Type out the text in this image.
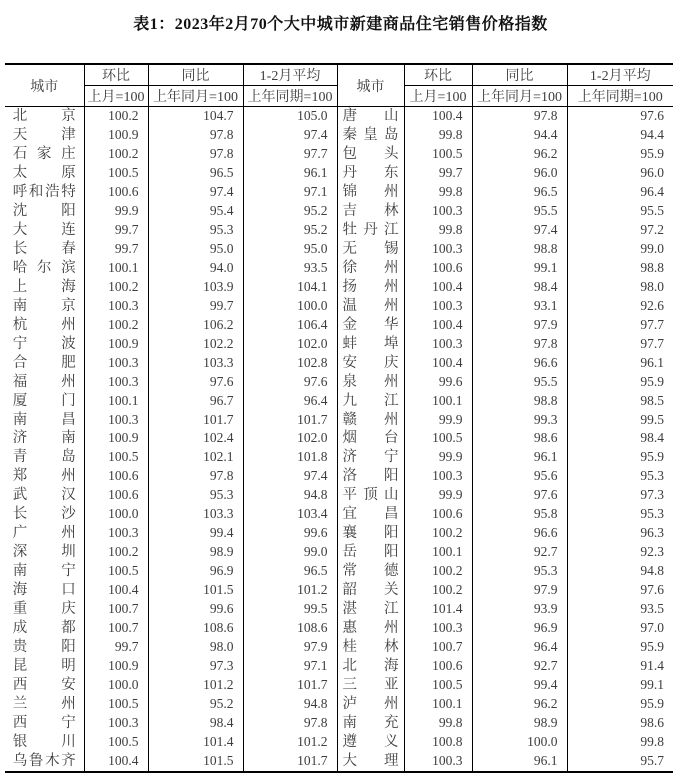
表1：2023年2月70个大中城市新建商品住宅销售价格指数
城市	环比	同比	1-2月平均	城市	环比	同比	1-2月平均
	上月=100	上年同月=100	上年同期=100		上月=100	上年同月=100	上年同期=100

北京	100.2	104.7	105.0	唐山	100.4	97.8	97.6

天津	100.9	97.8	97.4	秦皇岛	99.8	94.4	94.4

石家庄	100.2	97.8	97.7	包头	100.5	96.2	95.9

太原	100.5	96.5	96.1	丹东	99.7	96.0	96.0

呼和浩特	100.6	97.4	97.1	锦州	99.8	96.5	96.4

沈阳	99.9	95.4	95.2	吉林	100.3	95.5	95.5

大连	99.7	95.3	95.2	牡丹江	99.8	97.4	97.2

长春	99.7	95.0	95.0	无锡	100.3	98.8	99.0

哈尔滨	100.1	94.0	93.5	徐州	100.6	99.1	98.8

上海	100.2	103.9	104.1	扬州	100.4	98.4	98.0

南京	100.3	99.7	100.0	温州	100.3	93.1	92.6

杭州	100.2	106.2	106.4	金华	100.4	97.9	97.7

宁波	100.9	102.2	102.0	蚌埠	100.3	97.8	97.7

合肥	100.3	103.3	102.8	安庆	100.4	96.6	96.1

福州	100.3	97.6	97.6	泉州	99.6	95.5	95.9

厦门	100.1	96.7	96.4	九江	100.1	98.8	98.5

南昌	100.3	101.7	101.7	赣州	99.9	99.3	99.5

济南	100.9	102.4	102.0	烟台	100.5	98.6	98.4

青岛	100.5	102.1	101.8	济宁	99.9	96.1	95.9

郑州	100.6	97.8	97.4	洛阳	100.3	95.6	95.3

武汉	100.6	95.3	94.8	平顶山	99.9	97.6	97.3

长沙	100.0	103.3	103.4	宜昌	100.6	95.8	95.3

广州	100.3	99.4	99.6	襄阳	100.2	96.6	96.3

深圳	100.2	98.9	99.0	岳阳	100.1	92.7	92.3

南宁	100.5	96.9	96.5	常德	100.2	95.3	94.8

海口	100.4	101.5	101.2	韶关	100.2	97.9	97.6

重庆	100.7	99.6	99.5	湛江	101.4	93.9	93.5

成都	100.7	108.6	108.6	惠州	100.3	96.9	97.0

贵阳	99.7	98.0	97.9	桂林	100.7	96.4	95.9

昆明	100.9	97.3	97.1	北海	100.6	92.7	91.4

西安	100.0	101.2	101.7	三亚	100.5	99.4	99.1

兰州	100.5	95.2	94.8	泸州	100.1	96.2	95.9

西宁	100.3	98.4	97.8	南充	99.8	98.9	98.6

银川	100.5	101.4	101.2	遵义	100.8	100.0	99.8

乌鲁木齐	100.4	101.5	101.7	大理	100.3	96.1	95.7
